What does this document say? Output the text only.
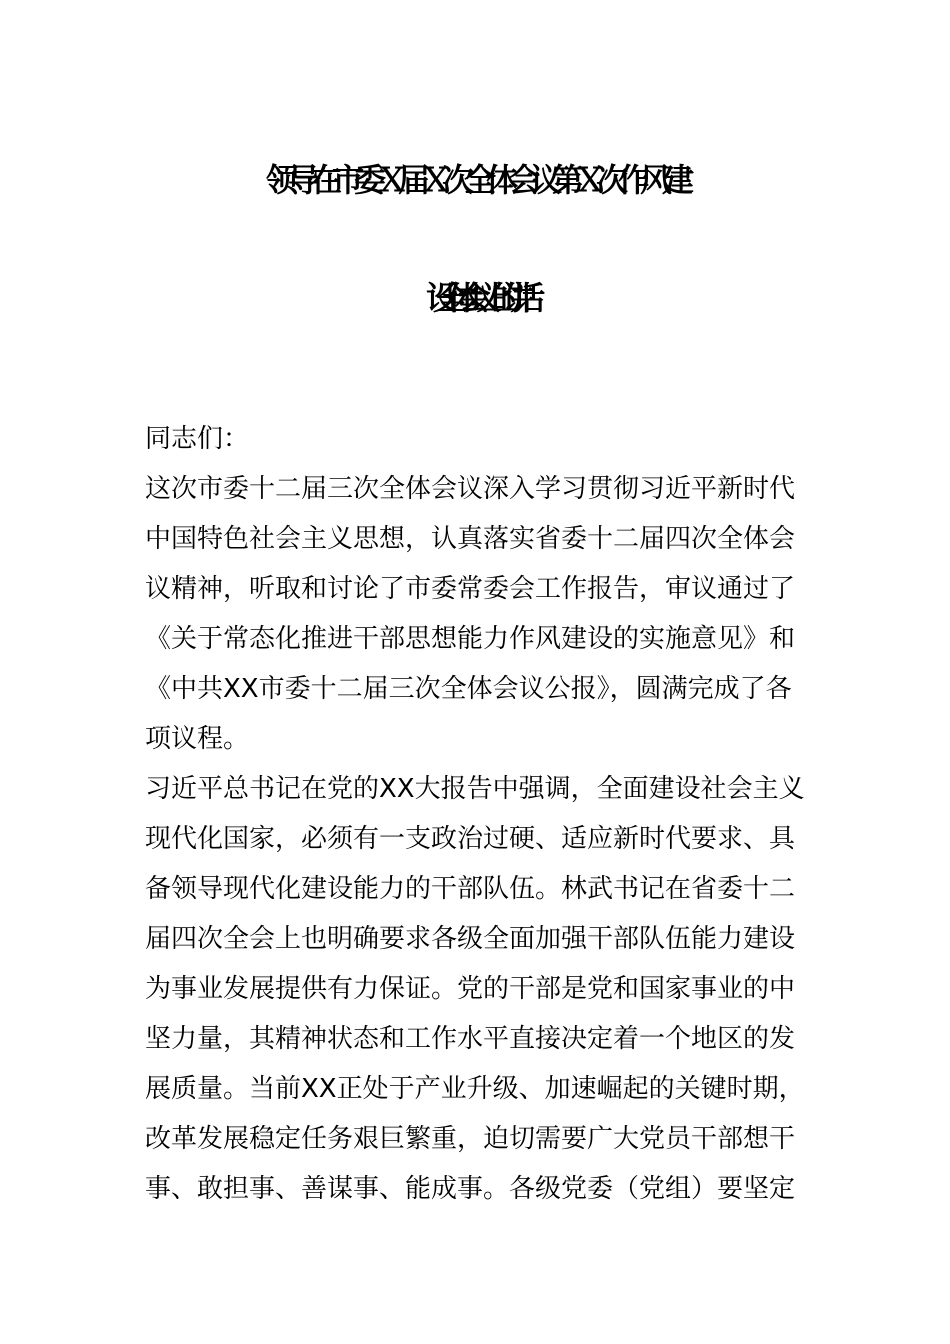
领导在市委Ｘ届Ｘ次全体会议第Ｘ次作风建
设全体会议上的讲话
同志们：
这次市委十二届三次全体会议深入学习贯彻习近平新时代
中国特色社会主义思想，认真落实省委十二届四次全体会
议精神，听取和讨论了市委常委会工作报告，审议通过了
《关于常态化推进干部思想能力作风建设的实施意见》和
《中共XX市委十二届三次全体会议公报》，圆满完成了各
项议程。
习近平总书记在党的XX大报告中强调，全面建设社会主义
现代化国家，必须有一支政治过硬、适应新时代要求、具
备领导现代化建设能力的干部队伍。林武书记在省委十二
届四次全会上也明确要求各级全面加强干部队伍能力建设
为事业发展提供有力保证。党的干部是党和国家事业的中
坚力量，其精神状态和工作水平直接决定着一个地区的发
展质量。当前XX正处于产业升级、加速崛起的关键时期，
改革发展稳定任务艰巨繁重，迫切需要广大党员干部想干
事、敢担事、善谋事、能成事。各级党委（党组）要坚定
